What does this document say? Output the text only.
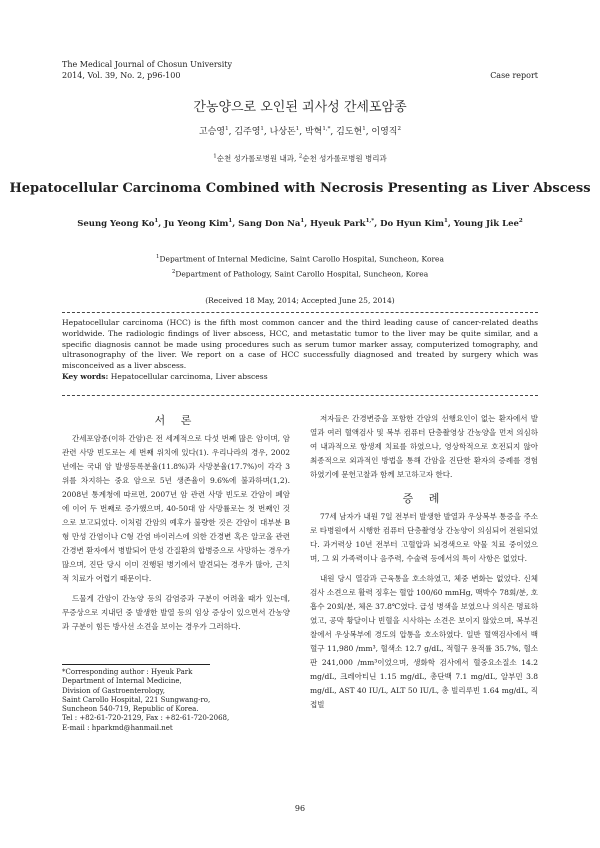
The Medical Journal of Chosun University
2014, Vol. 39, No. 2, p96-100	Case report
간농양으로 오인된 괴사성 간세포암종
고승영$^1$, 김주영$^1$, 나상돈$^1$, 박혁$^{1,*}$, 김도현$^1$, 이영직$^2$
$^1$순천 성가롤로병원 내과, $^2$순천 성가롤로병원 병리과
Hepatocellular Carcinoma Combined with Necrosis Presenting as Liver Abscess
Seung Yeong Ko$^1$, Ju Yeong Kim$^1$, Sang Don Na$^1$, Hyeuk Park$^{1,*}$, Do Hyun Kim$^1$, Young Jik Lee$^2$
$^1$Department of Internal Medicine, Saint Carollo Hospital, Suncheon, Korea
$^2$Department of Pathology, Saint Carollo Hospital, Suncheon, Korea
(Received 18 May, 2014; Accepted June 25, 2014)
Hepatocellular carcinoma (HCC) is the fifth most common cancer and the third leading cause of cancer-related deaths worldwide. The radiologic findings of liver abscess, HCC, and metastatic tumor to the liver may be quite similar, and a specific diagnosis cannot be made using procedures such as serum tumor marker assay, computerized tomography, and ultrasonography of the liver. We report on a case of HCC successfully diagnosed and treated by surgery which was misconceived as a liver abscess.
Key words: Hepatocellular carcinoma, Liver abscess
서 론

간세포암종(이하 간암)은 전 세계적으로 다섯 번째 많은 암이며, 암 관련 사망 빈도로는 세 번째 위치에 있다(1). 우리나라의 경우, 2002년에는 국내 암 발생등록분율(11.8%)과 사망분율(17.7%)이 각각 3위를 차지하는 중요 암으로 5년 생존율이 9.6%에 불과하며(1,2). 2008년 통계청에 따르면, 2007년 암 관련 사망 빈도로 간암이 폐암에 이어 두 번째로 증가했으며, 40-50대 암 사망률로는 첫 번째인 것으로 보고되었다. 이처럼 간암의 예후가 불량한 것은 간암이 대부분 B형 만성 간염이나 C형 간염 바이러스에 의한 간경변 혹은 알코올 관련 간경변 환자에서 병발되어 만성 간질환의 합병증으로 사망하는 경우가 많으며, 진단 당시 이미 진행된 병기에서 발견되는 경우가 많아, 근치적 치료가 어렵기 때문이다.

드물게 간암이 간농양 등의 감염증과 구분이 어려울 때가 있는데, 무증상으로 지내던 중 발생한 발열 등의 임상 증상이 있으면서 간농양과 구분이 힘든 방사선 소견을 보이는 경우가 그러하다.

*Corresponding author : Hyeuk Park
Department of Internal Medicine,
Division of Gastroenterology,
Saint Carollo Hospital, 221 Sungwang-ro,
Suncheon 540-719, Republic of Korea.
Tel : +82-61-720-2129, Fax : +82-61-720-2068,
E-mail : hparkmd@hanmail.net

저자들은 간경변증을 포함한 간암의 선행요인이 없는 환자에서 발열과 여러 혈액검사 및 복부 컴퓨터 단층촬영상 간농양을 먼저 의심하여 내과적으로 항생제 치료를 하였으나, 영상학적으로 호전되지 않아 최종적으로 외과적인 방법을 통해 간암을 진단한 환자의 증례를 경험하였기에 문헌고찰과 함께 보고하고자 한다.

증 례

77세 남자가 내원 7일 전부터 발생한 발열과 우상복부 통증을 주소로 타병원에서 시행한 컴퓨터 단층촬영상 간농양이 의심되어 전원되었다. 과거력상 10년 전부터 고혈압과 뇌경색으로 약물 치료 중이었으며, 그 외 가족력이나 음주력, 수술력 등에서의 특이 사항은 없었다.

내원 당시 열감과 근육통을 호소하였고, 체중 변화는 없었다. 신체검사 소견으로 활력 징후는 혈압 100/60 mmHg, 맥박수 78회/분, 호흡수 20회/분, 체온 37.8℃였다. 급성 병색을 보였으나 의식은 명료하였고, 공막 황달이나 빈혈을 시사하는 소견은 보이지 않았으며, 복부진찰에서 우상복부에 경도의 압통을 호소하였다. 일반 혈액검사에서 백혈구 11,980 /mm³, 혈색소 12.7 g/dL, 적혈구 용적률 35.7%, 혈소판 241,000 /mm³이었으며, 생화학 검사에서 혈중요소질소 14.2 mg/dL, 크레아티닌 1.15 mg/dL, 총단백 7.1 mg/dL, 알부민 3.8 mg/dL, AST 40 IU/L, ALT 50 IU/L, 총 빌리루빈 1.64 mg/dL, 직접빌

96
